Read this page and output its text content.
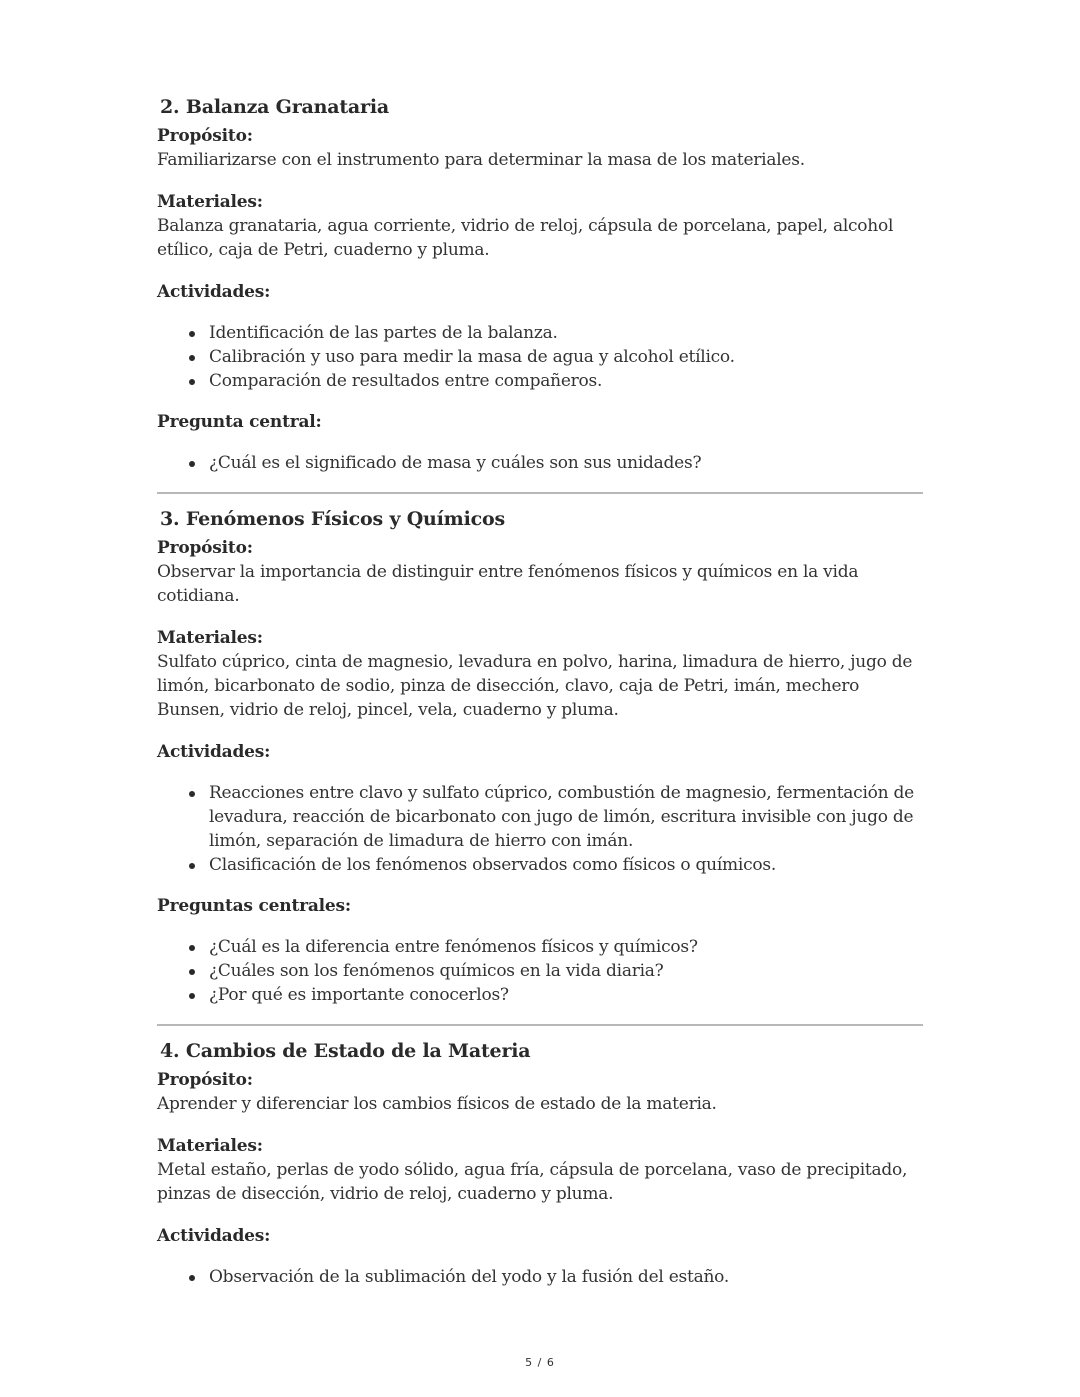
2. Balanza Granataria

Propósito:

Familiarizarse con el instrumento para determinar la masa de los materiales.

Materiales:

Balanza granataria, agua corriente, vidrio de reloj, cápsula de porcelana, papel, alcohol etílico, caja de Petri, cuaderno y pluma.

Actividades:

Identificación de las partes de la balanza.
Calibración y uso para medir la masa de agua y alcohol etílico.
Comparación de resultados entre compañeros.

Pregunta central:

¿Cuál es el significado de masa y cuáles son sus unidades?
3. Fenómenos Físicos y Químicos

Propósito:

Observar la importancia de distinguir entre fenómenos físicos y químicos en la vida cotidiana.

Materiales:

Sulfato cúprico, cinta de magnesio, levadura en polvo, harina, limadura de hierro, jugo de limón, bicarbonato de sodio, pinza de disección, clavo, caja de Petri, imán, mechero Bunsen, vidrio de reloj, pincel, vela, cuaderno y pluma.

Actividades:

Reacciones entre clavo y sulfato cúprico, combustión de magnesio, fermentación de levadura, reacción de bicarbonato con jugo de limón, escritura invisible con jugo de limón, separación de limadura de hierro con imán.
Clasificación de los fenómenos observados como físicos o químicos.

Preguntas centrales:

¿Cuál es la diferencia entre fenómenos físicos y químicos?
¿Cuáles son los fenómenos químicos en la vida diaria?
¿Por qué es importante conocerlos?
4. Cambios de Estado de la Materia

Propósito:

Aprender y diferenciar los cambios físicos de estado de la materia.

Materiales:

Metal estaño, perlas de yodo sólido, agua fría, cápsula de porcelana, vaso de precipitado, pinzas de disección, vidrio de reloj, cuaderno y pluma.

Actividades:

Observación de la sublimación del yodo y la fusión del estaño.
5 / 6
